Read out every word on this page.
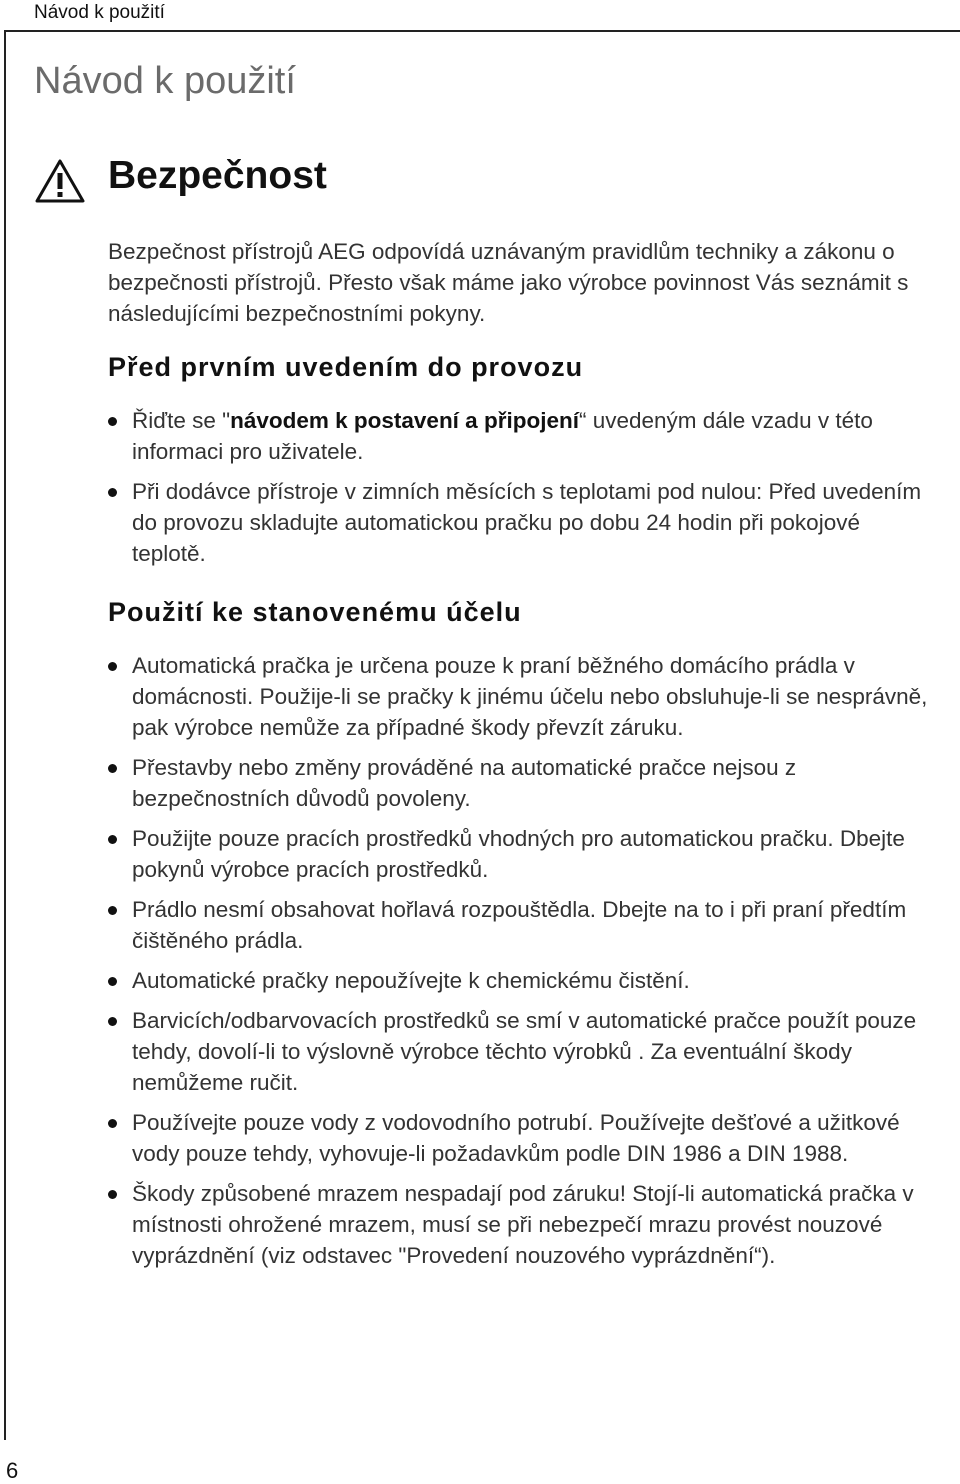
Návod k použití
Návod k použití
Bezpečnost

Bezpečnost přístrojů AEG odpovídá uznávaným pravidlům techniky a zákonu o bezpečnosti přístrojů. Přesto však máme jako výrobce povinnost Vás seznámit s následujícími bezpečnostními pokyny.

Před prvním uvedením do provozu
Řiďte se "návodem k postavení a připojení“ uvedeným dále vzadu v této informaci pro uživatele.
Při dodávce přístroje v zimních měsících s teplotami pod nulou: Před uvedením do provozu skladujte automatickou pračku po dobu 24 hodin při pokojové teplotě.
Použití ke stanovenému účelu
Automatická pračka je určena pouze k praní běžného domácího prádla v domácnosti. Použije-li se pračky k jinému účelu nebo obsluhuje-li se nesprávně, pak výrobce nemůže za případné škody převzít záruku.
Přestavby nebo změny prováděné na automatické pračce nejsou z bezpečnostních důvodů povoleny.
Použijte pouze pracích prostředků vhodných pro automatickou pračku. Dbejte pokynů výrobce pracích prostředků.
Prádlo nesmí obsahovat hořlavá rozpouštědla. Dbejte na to i při praní předtím čištěného prádla.
Automatické pračky nepoužívejte k chemickému čistění.
Barvicích/odbarvovacích prostředků se smí v automatické pračce použít pouze tehdy, dovolí-li to výslovně výrobce těchto výrobků . Za eventuální škody nemůžeme ručit.
Používejte pouze vody z vodovodního potrubí. Používejte dešťové a užitkové vody pouze tehdy, vyhovuje-li požadavkům podle DIN 1986 a DIN 1988.
Škody způsobené mrazem nespadají pod záruku! Stojí-li automatická pračka v místnosti ohrožené mrazem, musí se při nebezpečí mrazu provést nouzové vyprázdnění (viz odstavec "Provedení nouzového vyprázdnění“).
6
